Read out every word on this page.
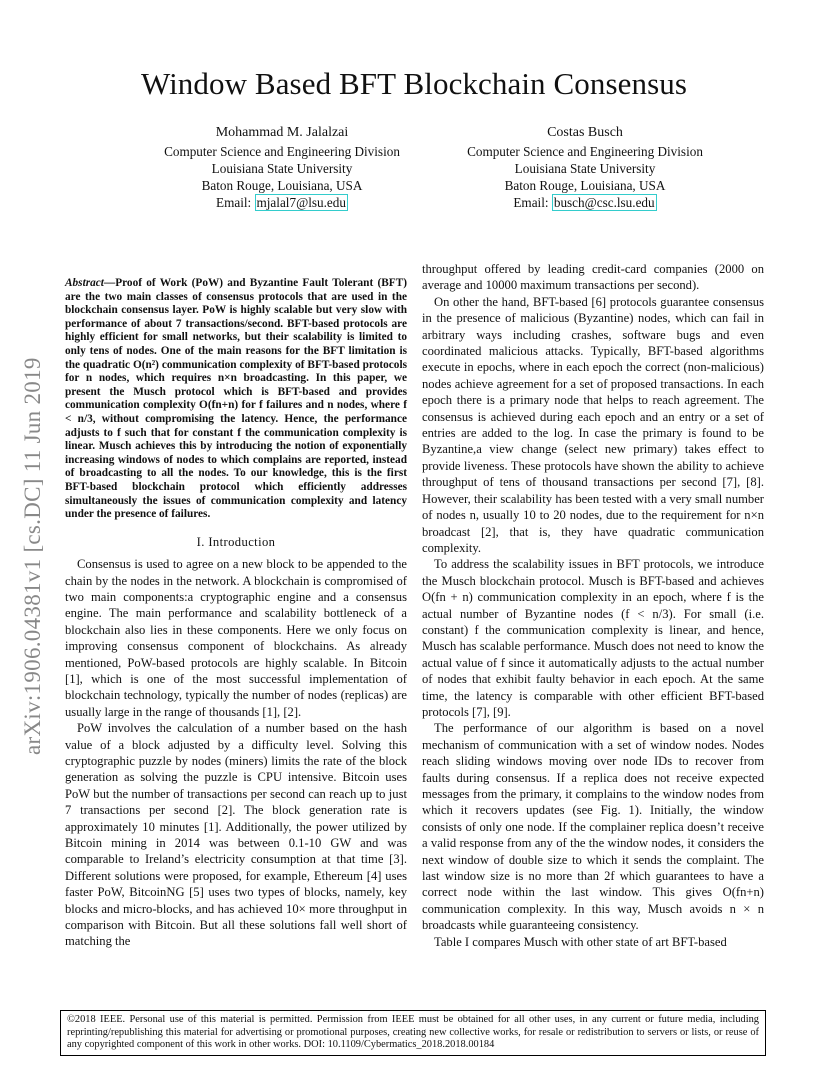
Window Based BFT Blockchain Consensus
Mohammad M. Jalalzai
Computer Science and Engineering Division
Louisiana State University
Baton Rouge, Louisiana, USA
Email: mjalal7@lsu.edu
Costas Busch
Computer Science and Engineering Division
Louisiana State University
Baton Rouge, Louisiana, USA
Email: busch@csc.lsu.edu
arXiv:1906.04381v1 [cs.DC] 11 Jun 2019
Abstract—Proof of Work (PoW) and Byzantine Fault Tolerant (BFT) are the two main classes of consensus protocols that are used in the blockchain consensus layer. PoW is highly scalable but very slow with performance of about 7 transactions/second. BFT-based protocols are highly efficient for small networks, but their scalability is limited to only tens of nodes. One of the main reasons for the BFT limitation is the quadratic O(n²) communication complexity of BFT-based protocols for n nodes, which requires n×n broadcasting. In this paper, we present the Musch protocol which is BFT-based and provides communication complexity O(fn+n) for f failures and n nodes, where f < n/3, without compromising the latency. Hence, the performance adjusts to f such that for constant f the communication complexity is linear. Musch achieves this by introducing the notion of exponentially increasing windows of nodes to which complains are reported, instead of broadcasting to all the nodes. To our knowledge, this is the first BFT-based blockchain protocol which efficiently addresses simultaneously the issues of communication complexity and latency under the presence of failures.
I. Introduction

Consensus is used to agree on a new block to be appended to the chain by the nodes in the network. A blockchain is compromised of two main components:a cryptographic engine and a consensus engine. The main performance and scalability bottleneck of a blockchain also lies in these components. Here we only focus on improving consensus component of blockchains. As already mentioned, PoW-based protocols are highly scalable. In Bitcoin [1], which is one of the most successful implementation of blockchain technology, typically the number of nodes (replicas) are usually large in the range of thousands [1], [2].

PoW involves the calculation of a number based on the hash value of a block adjusted by a difficulty level. Solving this cryptographic puzzle by nodes (miners) limits the rate of the block generation as solving the puzzle is CPU intensive. Bitcoin uses PoW but the number of transactions per second can reach up to just 7 transactions per second [2]. The block generation rate is approximately 10 minutes [1]. Additionally, the power utilized by Bitcoin mining in 2014 was between 0.1-10 GW and was comparable to Ireland’s electricity consumption at that time [3]. Different solutions were proposed, for example, Ethereum [4] uses faster PoW, BitcoinNG [5] uses two types of blocks, namely, key blocks and micro-blocks, and has achieved 10× more throughput in comparison with Bitcoin. But all these solutions fall well short of matching the

throughput offered by leading credit-card companies (2000 on average and 10000 maximum transactions per second).

On other the hand, BFT-based [6] protocols guarantee consensus in the presence of malicious (Byzantine) nodes, which can fail in arbitrary ways including crashes, software bugs and even coordinated malicious attacks. Typically, BFT-based algorithms execute in epochs, where in each epoch the correct (non-malicious) nodes achieve agreement for a set of proposed transactions. In each epoch there is a primary node that helps to reach agreement. The consensus is achieved during each epoch and an entry or a set of entries are added to the log. In case the primary is found to be Byzantine,a view change (select new primary) takes effect to provide liveness. These protocols have shown the ability to achieve throughput of tens of thousand transactions per second [7], [8]. However, their scalability has been tested with a very small number of nodes n, usually 10 to 20 nodes, due to the requirement for n×n broadcast [2], that is, they have quadratic communication complexity.

To address the scalability issues in BFT protocols, we introduce the Musch blockchain protocol. Musch is BFT-based and achieves O(fn + n) communication complexity in an epoch, where f is the actual number of Byzantine nodes (f < n/3). For small (i.e. constant) f the communication complexity is linear, and hence, Musch has scalable performance. Musch does not need to know the actual value of f since it automatically adjusts to the actual number of nodes that exhibit faulty behavior in each epoch. At the same time, the latency is comparable with other efficient BFT-based protocols [7], [9].

The performance of our algorithm is based on a novel mechanism of communication with a set of window nodes. Nodes reach sliding windows moving over node IDs to recover from faults during consensus. If a replica does not receive expected messages from the primary, it complains to the window nodes from which it recovers updates (see Fig. 1). Initially, the window consists of only one node. If the complainer replica doesn’t receive a valid response from any of the the window nodes, it considers the next window of double size to which it sends the complaint. The last window size is no more than 2f which guarantees to have a correct node within the last window. This gives O(fn+n) communication complexity. In this way, Musch avoids n × n broadcasts while guaranteeing consistency.

Table I compares Musch with other state of art BFT-based

©2018 IEEE. Personal use of this material is permitted. Permission from IEEE must be obtained for all other uses, in any current or future media, including reprinting/republishing this material for advertising or promotional purposes, creating new collective works, for resale or redistribution to servers or lists, or reuse of any copyrighted component of this work in other works. DOI: 10.1109/Cybermatics_2018.2018.00184
